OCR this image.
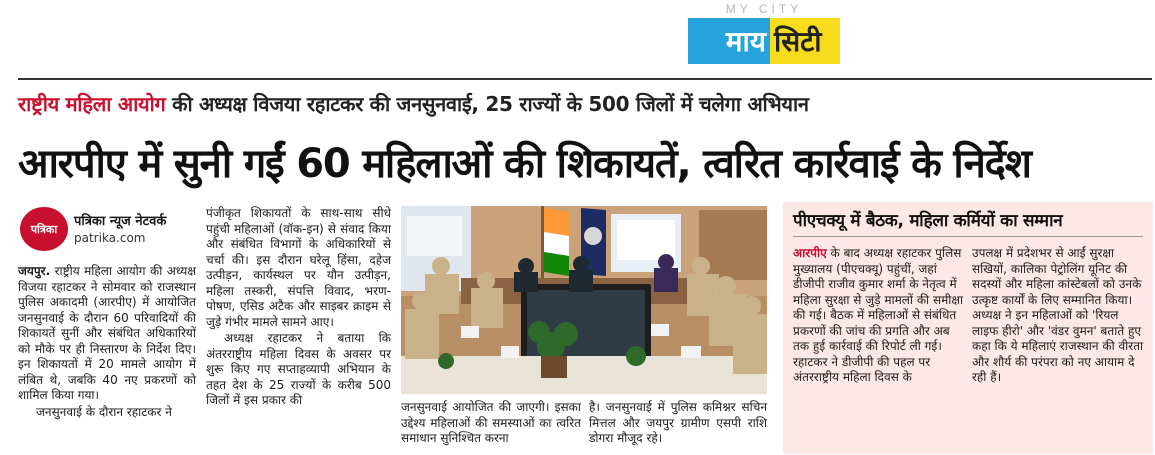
MY CITY
माय सिटी
राष्ट्रीय महिला आयोग की अध्यक्ष विजया रहाटकर की जनसुनवाई, 25 राज्यों के 500 जिलों में चलेगा अभियान
आरपीए में सुनी गईं 60 महिलाओं की शिकायतें, त्वरित कार्रवाई के निर्देश
पत्रिका	पत्रिका न्यूज नेटवर्क
patrika.com

जयपुर. राष्ट्रीय महिला आयोग की अध्यक्ष विजया रहाटकर ने सोमवार को राजस्थान पुलिस अकादमी (आरपीए) में आयोजित जनसुनवाई के दौरान 60 परिवादियों की शिकायतें सुनीं और संबंधित अधिकारियों को मौके पर ही निस्तारण के निर्देश दिए। इन शिकायतों में 20 मामले आयोग में लंबित थे, जबकि 40 नए प्रकरणों को शामिल किया गया।

जनसुनवाई के दौरान रहाटकर ने

पंजीकृत शिकायतों के साथ-साथ सीधे पहुंची महिलाओं (वॉक-इन) से संवाद किया और संबंधित विभागों के अधिकारियों से चर्चा की। इस दौरान घरेलू हिंसा, दहेज उत्पीड़न, कार्यस्थल पर यौन उत्पीड़न, महिला तस्करी, संपत्ति विवाद, भरण-पोषण, एसिड अटैक और साइबर क्राइम से जुड़े गंभीर मामले सामने आए।

अध्यक्ष रहाटकर ने बताया कि अंतरराष्ट्रीय महिला दिवस के अवसर पर शुरू किए गए सप्ताहव्यापी अभियान के तहत देश के 25 राज्यों के करीब 500 जिलों में इस प्रकार की	जनसुनवाई आयोजित की जाएगी। इसका उद्देश्य महिलाओं की समस्याओं का त्वरित समाधान सुनिश्चित करना
है। जनसुनवाई में पुलिस कमिश्नर सचिन मित्तल और जयपुर ग्रामीण एसपी राशि डोगरा मौजूद रहे।
पीएचक्यू में बैठक, महिला कर्मियों का सम्मान
आरपीए के बाद अध्यक्ष रहाटकर पुलिस मुख्यालय (पीएचक्यू) पहुंचीं, जहां डीजीपी राजीव कुमार शर्मा के नेतृत्व में महिला सुरक्षा से जुड़े मामलों की समीक्षा की गई। बैठक में महिलाओं से संबंधित प्रकरणों की जांच की प्रगति और अब तक हुई कार्रवाई की रिपोर्ट ली गई। रहाटकर ने डीजीपी की पहल पर अंतरराष्ट्रीय महिला दिवस के
उपलक्ष में प्रदेशभर से आईं सुरक्षा सखियों, कालिका पेट्रोलिंग यूनिट की सदस्यों और महिला कांस्टेबलों को उनके उत्कृष्ट कार्यों के लिए सम्मानित किया। अध्यक्ष ने इन महिलाओं को 'रियल लाइफ हीरो' और 'वंडर वुमन' बताते हुए कहा कि ये महिलाएं राजस्थान की वीरता और शौर्य की परंपरा को नए आयाम दे रही हैं।
